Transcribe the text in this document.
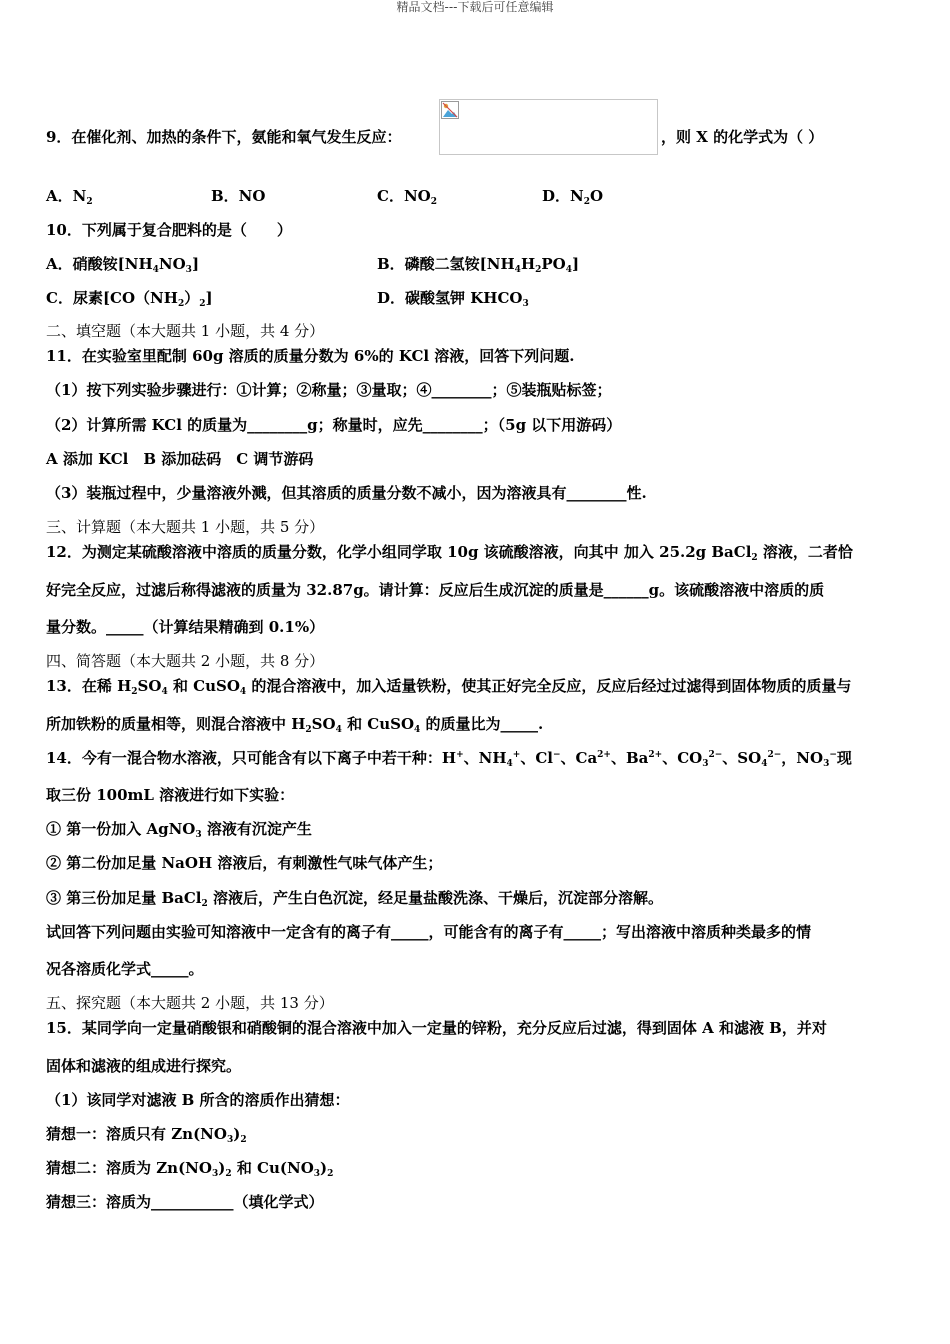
精品文档---下载后可任意编辑
9．在催化剂、加热的条件下，氨能和氧气发生反应：	，则 X 的化学式为（ ）
A．$N_2$	B．NO	C．$NO_2$	D．$N_2O$
10．下列属于复合肥料的是（　　）
A．硝酸铵$[NH_4NO_3]$	B．磷酸二氢铵$[NH_4H_2PO_4]$
C．尿素$[CO(NH_2)_2]$	D．碳酸氢钾 $KHCO_3$
二、填空题（本大题共 1 小题，共 4 分）
11．在实验室里配制 60g 溶质的质量分数为 6%的 KCl 溶液，回答下列问题.
（1）按下列实验步骤进行：①计算；②称量；③量取；④________；⑤装瓶贴标签；
（2）计算所需 KCl 的质量为________g；称量时，应先________；（5g 以下用游码）
A 添加 KCl　B 添加砝码　C 调节游码
（3）装瓶过程中，少量溶液外溅，但其溶质的质量分数不减小，因为溶液具有________性.
三、计算题（本大题共 1 小题，共 5 分）
12．为测定某硫酸溶液中溶质的质量分数，化学小组同学取 10g 该硫酸溶液，向其中 加入 25.2g BaCl$_2$ 溶液，二者恰
好完全反应，过滤后称得滤液的质量为 32.87g。请计算：反应后生成沉淀的质量是______g。该硫酸溶液中溶质的质
量分数。_____（计算结果精确到 0.1%）
四、简答题（本大题共 2 小题，共 8 分）
13．在稀 $H_2SO_4$ 和 CuSO$_4$ 的混合溶液中，加入适量铁粉，使其正好完全反应，反应后经过过滤得到固体物质的质量与
所加铁粉的质量相等，则混合溶液中 $H_2SO_4$ 和 CuSO$_4$ 的质量比为_____.
14．今有一混合物水溶液，只可能含有以下离子中若干种：H+、$NH_4^+$、Cl−、$Ca^{2+}$、$Ba^{2+}$、$CO_3^{2-}$、$SO_4^{2-}$，$NO_3^-$现
取三份 100mL 溶液进行如下实验：
① 第一份加入 AgNO$_3$ 溶液有沉淀产生
② 第二份加足量 NaOH 溶液后，有刺激性气味气体产生；
③ 第三份加足量 BaCl$_2$ 溶液后，产生白色沉淀，经足量盐酸洗涤、干燥后，沉淀部分溶解。
试回答下列问题由实验可知溶液中一定含有的离子有_____，可能含有的离子有_____；写出溶液中溶质种类最多的情
况各溶质化学式_____。
五、探究题（本大题共 2 小题，共 13 分）
15．某同学向一定量硝酸银和硝酸铜的混合溶液中加入一定量的锌粉，充分反应后过滤，得到固体 A 和滤液 B，并对
固体和滤液的组成进行探究。
（1）该同学对滤液 B 所含的溶质作出猜想：
猜想一：溶质只有 $Zn(NO_3)_2$
猜想二：溶质为 $Zn(NO_3)_2$ 和 $Cu(NO_3)_2$
猜想三：溶质为___________（填化学式）
